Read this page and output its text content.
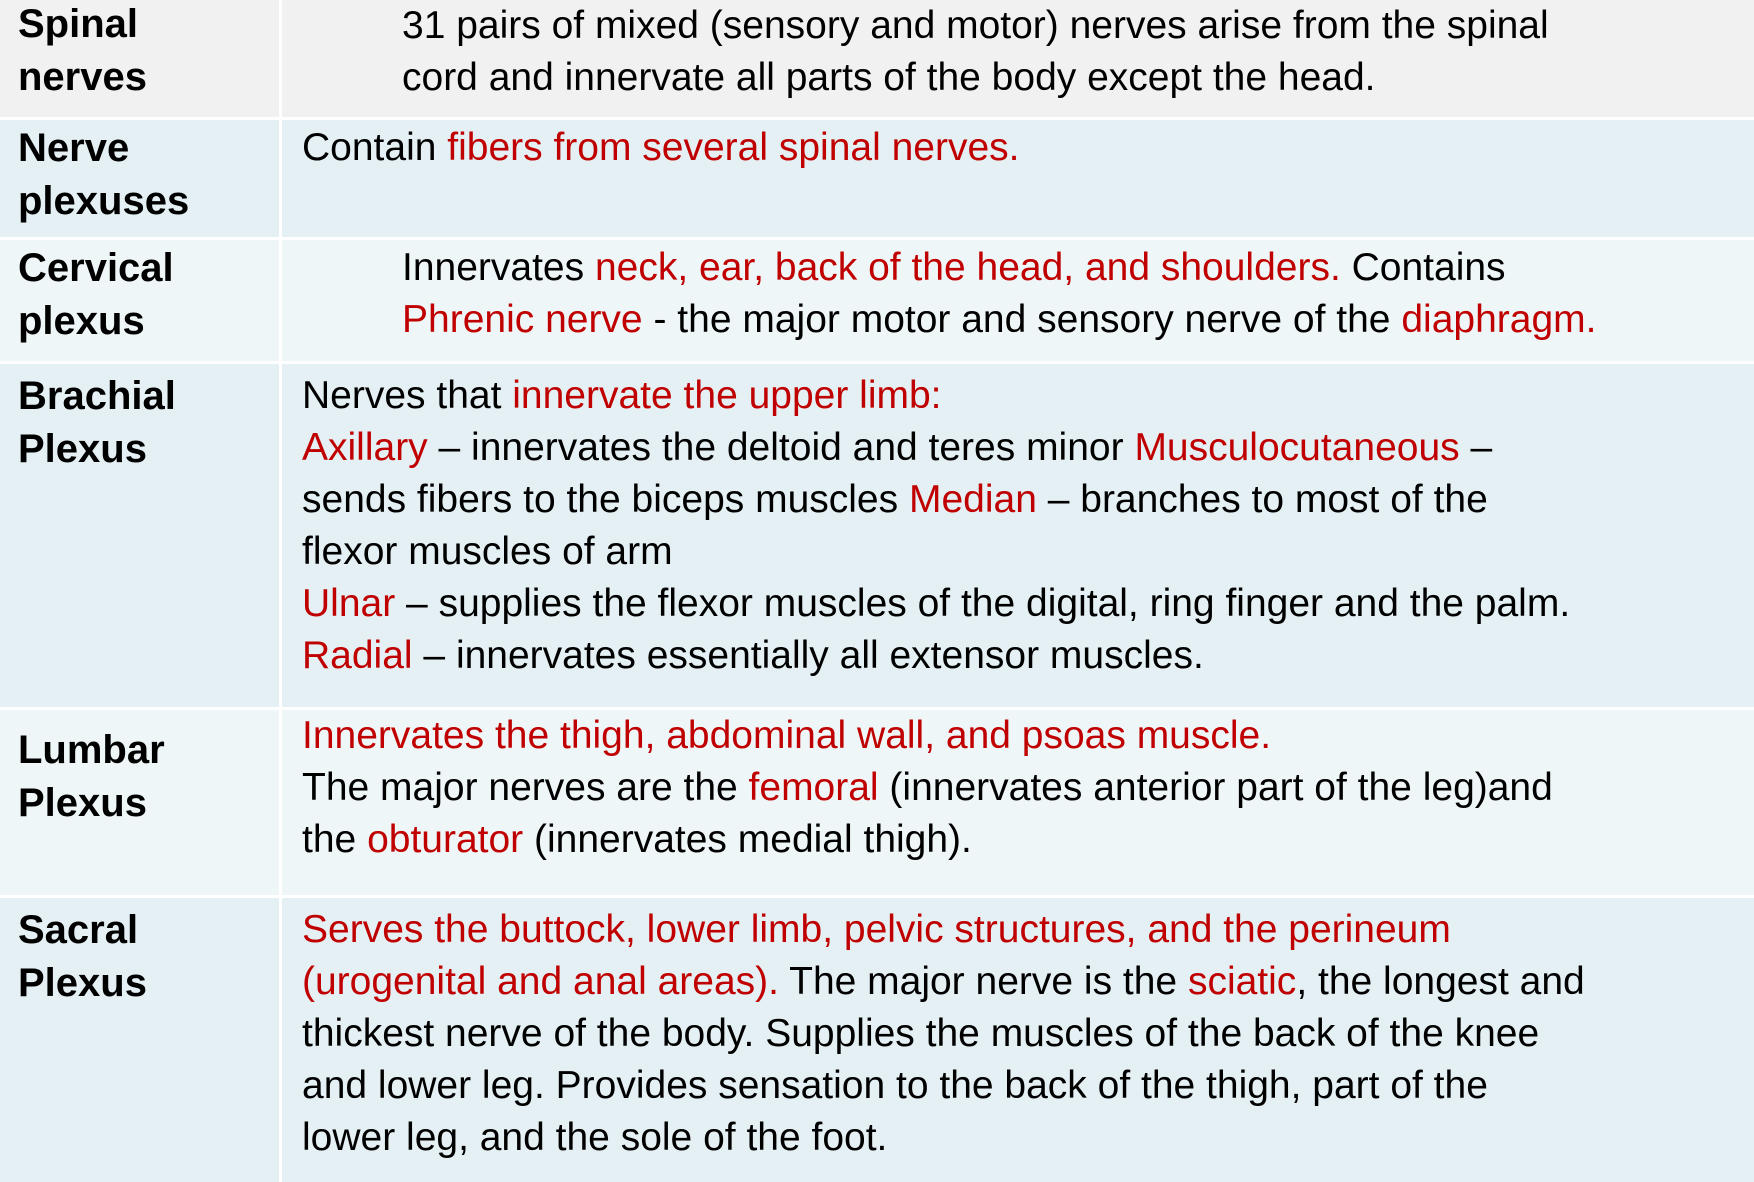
Spinal nerves

31 pairs of mixed (sensory and motor) nerves arise from the spinal
cord and innervate all parts of the body except the head.

Nerve plexuses

Contain fibers from several spinal nerves.

Cervical plexus

Innervates neck, ear, back of the head, and shoulders. Contains
Phrenic nerve - the major motor and sensory nerve of the diaphragm.

Brachial Plexus

Nerves that innervate the upper limb:
Axillary – innervates the deltoid and teres minor Musculocutaneous –
sends fibers to the biceps muscles Median – branches to most of the
flexor muscles of arm
Ulnar – supplies the flexor muscles of the digital, ring finger and the palm.
Radial – innervates essentially all extensor muscles.

Lumbar Plexus

Innervates the thigh, abdominal wall, and psoas muscle.
The major nerves are the femoral (innervates anterior part of the leg)and
the obturator (innervates medial thigh).

Sacral Plexus

Serves the buttock, lower limb, pelvic structures, and the perineum
(urogenital and anal areas). The major nerve is the sciatic, the longest and
thickest nerve of the body. Supplies the muscles of the back of the knee
and lower leg. Provides sensation to the back of the thigh, part of the
lower leg, and the sole of the foot.
